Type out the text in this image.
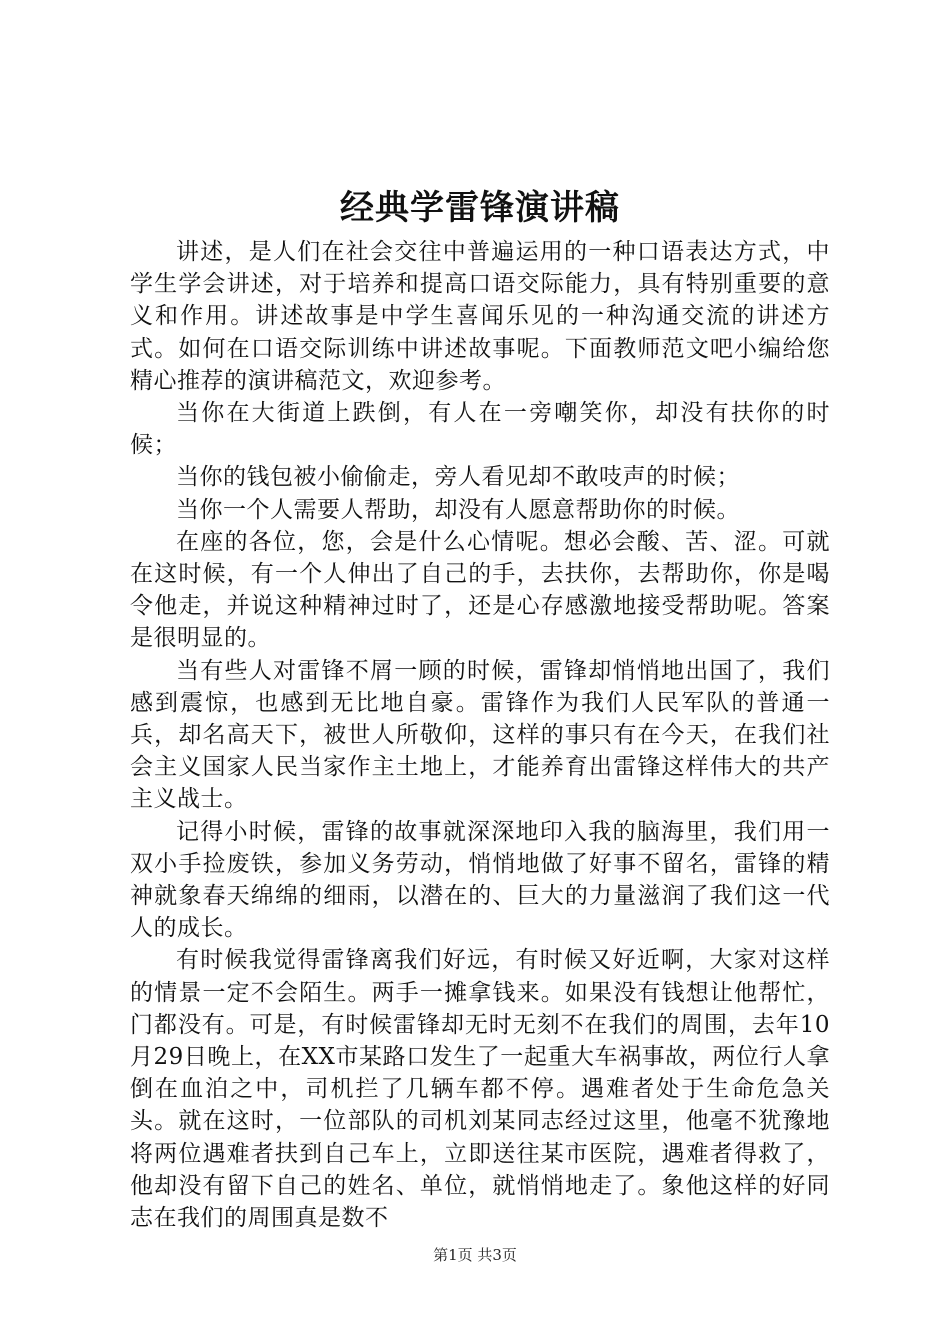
经典学雷锋演讲稿

讲述，是人们在社会交往中普遍运用的一种口语表达方式，中学生学会讲述，对于培养和提高口语交际能力，具有特别重要的意义和作用。讲述故事是中学生喜闻乐见的一种沟通交流的讲述方式。如何在口语交际训练中讲述故事呢。下面教师范文吧小编给您精心推荐的演讲稿范文，欢迎参考。

当你在大街道上跌倒，有人在一旁嘲笑你，却没有扶你的时候；

当你的钱包被小偷偷走，旁人看见却不敢吱声的时候；

当你一个人需要人帮助，却没有人愿意帮助你的时候。

在座的各位，您，会是什么心情呢。想必会酸、苦、涩。可就在这时候，有一个人伸出了自己的手，去扶你，去帮助你，你是喝令他走，并说这种精神过时了，还是心存感激地接受帮助呢。答案是很明显的。

当有些人对雷锋不屑一顾的时候，雷锋却悄悄地出国了，我们感到震惊，也感到无比地自豪。雷锋作为我们人民军队的普通一兵，却名高天下，被世人所敬仰，这样的事只有在今天，在我们社会主义国家人民当家作主土地上，才能养育出雷锋这样伟大的共产主义战士。

记得小时候，雷锋的故事就深深地印入我的脑海里，我们用一双小手捡废铁，参加义务劳动，悄悄地做了好事不留名，雷锋的精神就象春天绵绵的细雨，以潜在的、巨大的力量滋润了我们这一代人的成长。

有时候我觉得雷锋离我们好远，有时候又好近啊，大家对这样的情景一定不会陌生。两手一摊拿钱来。如果没有钱想让他帮忙，门都没有。可是，有时候雷锋却无时无刻不在我们的周围，去年10月29日晚上，在XX市某路口发生了一起重大车祸事故，两位行人拿倒在血泊之中，司机拦了几辆车都不停。遇难者处于生命危急关头。就在这时，一位部队的司机刘某同志经过这里，他毫不犹豫地将两位遇难者扶到自己车上，立即送往某市医院，遇难者得救了，他却没有留下自己的姓名、单位，就悄悄地走了。象他这样的好同志在我们的周围真是数不

第1页 共3页
